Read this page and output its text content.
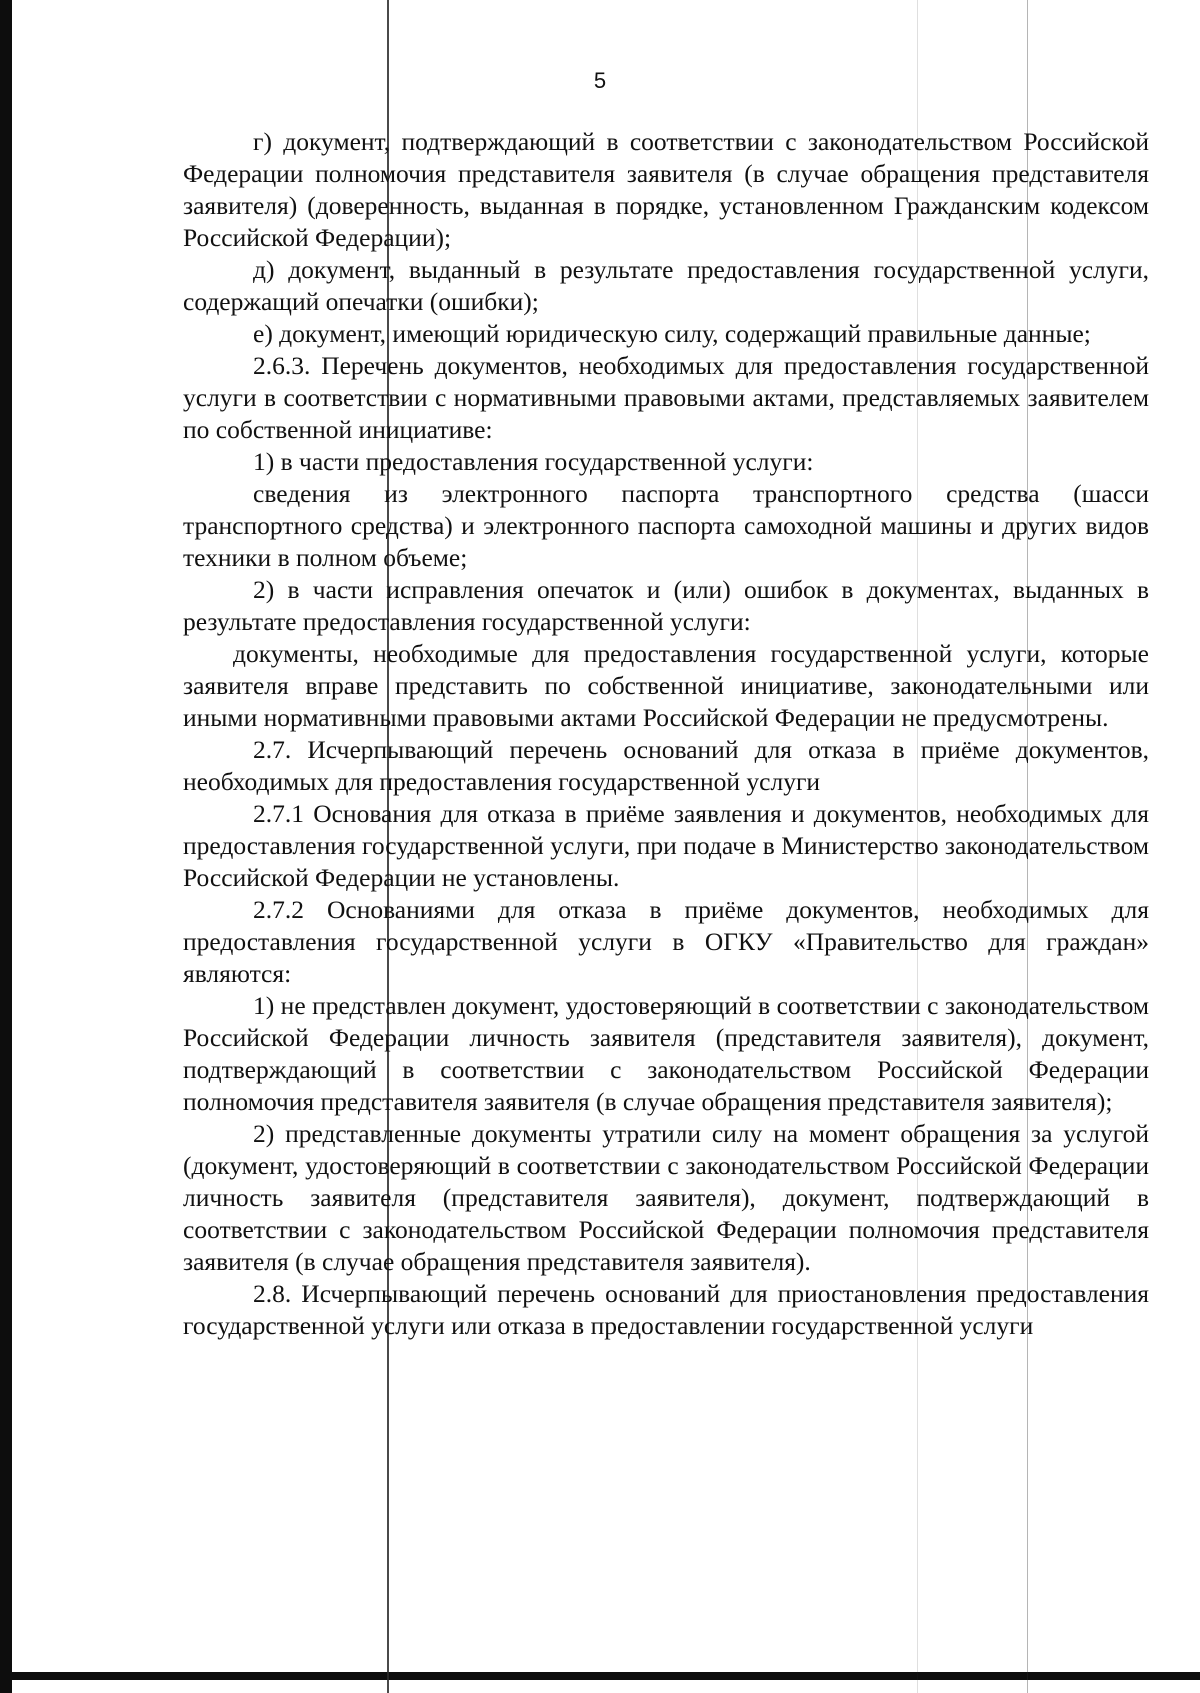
5

г) документ, подтверждающий в соответствии с законодательством Российской Федерации полномочия представителя заявителя (в случае обращения представителя заявителя) (доверенность, выданная в порядке, установленном Гражданским кодексом Российской Федерации);

д) документ, выданный в результате предоставления государственной услуги, содержащий опечатки (ошибки);

е) документ, имеющий юридическую силу, содержащий правильные данные;

2.6.3. Перечень документов, необходимых для предоставления государственной услуги в соответствии с нормативными правовыми актами, представляемых заявителем по собственной инициативе:

1) в части предоставления государственной услуги:

сведения из электронного паспорта транспортного средства (шасси транспортного средства) и электронного паспорта самоходной машины и других видов техники в полном объеме;

2) в части исправления опечаток и (или) ошибок в документах, выданных в результате предоставления государственной услуги:

документы, необходимые для предоставления государственной услуги, которые заявителя вправе представить по собственной инициативе, законодательными или иными нормативными правовыми актами Российской Федерации не предусмотрены.

2.7. Исчерпывающий перечень оснований для отказа в приёме документов, необходимых для предоставления государственной услуги

2.7.1 Основания для отказа в приёме заявления и документов, необходимых для предоставления государственной услуги, при подаче в Министерство законодательством Российской Федерации не установлены.

2.7.2 Основаниями для отказа в приёме документов, необходимых для предоставления государственной услуги в ОГКУ «Правительство для граждан» являются:

1) не представлен документ, удостоверяющий в соответствии с законодательством Российской Федерации личность заявителя (представителя заявителя), документ, подтверждающий в соответствии с законодательством Российской Федерации полномочия представителя заявителя (в случае обращения представителя заявителя);

2) представленные документы утратили силу на момент обращения за услугой (документ, удостоверяющий в соответствии с законодательством Российской Федерации личность заявителя (представителя заявителя), документ, подтверждающий в соответствии с законодательством Российской Федерации полномочия представителя заявителя (в случае обращения представителя заявителя).

2.8. Исчерпывающий перечень оснований для приостановления предоставления государственной услуги или отказа в предоставлении государственной услуги
